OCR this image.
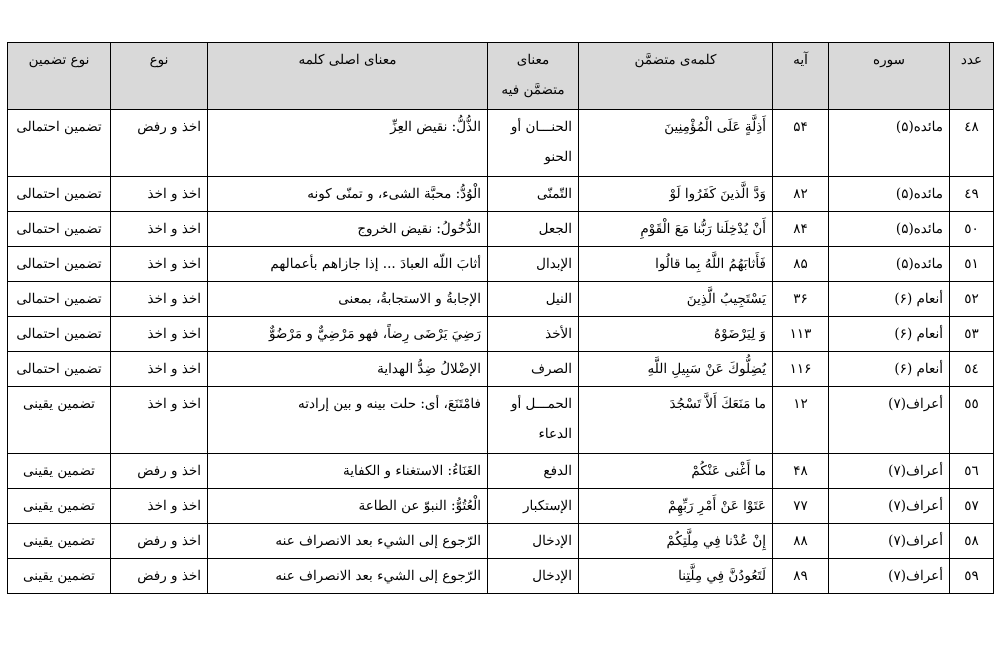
عدد	سوره	آیه	کلمه‌ی متضمَّن	معنای
متضمَّن فیه	معنای اصلی کلمه	نوع	نوع تضمین
٤٨	مائده(۵)	۵۴	أَذِلَّةٍ عَلَى الْمُؤْمِنِينَ	الحنـــان أو
الحنو	الذُّلُّ: نقيض العِزِّ	اخذ و رفض	تضمین احتمالی
٤٩	مائده(۵)	۸۲	وَدَّ الَّذينَ كَفَرُوا لَوْ	التّمنّى	الْوُدُّ: محبَّة الشیء، و تمنّى كونه	اخذ و اخذ	تضمین احتمالی
٥٠	مائده(۵)	۸۴	أَنْ يُدْخِلَنا رَبُّنا مَعَ الْقَوْمِ	الجعل	الدُّخُولُ: نقيض الخروج	اخذ و اخذ	تضمین احتمالی
٥١	مائده(۵)	۸۵	فَأَثابَهُمُ اللَّهُ بِما قالُوا	الإبدال	أثابَ اللّه العبادَ ... إذا جازاهم بأعمالهم	اخذ و اخذ	تضمین احتمالی
٥٢	أنعام (۶)	۳۶	يَسْتَجِيبُ الَّذِينَ	النيل	الإجابةُ و الاستجابةُ، بمعنى	اخذ و اخذ	تضمین احتمالی
٥٣	أنعام (۶)	۱۱۳	وَ لِيَرْضَوْهُ	الأخذ	رَضِيَ يَرْضَى رِضاً، فهو مَرْضِيٌّ و مَرْضُوٌّ	اخذ و اخذ	تضمین احتمالی
٥٤	أنعام (۶)	۱۱۶	يُضِلُّوكَ عَنْ سَبِيلِ اللَّهِ	الصرف	الإضْلالُ ضِدُّ الهداية	اخذ و اخذ	تضمین احتمالی
٥٥	أعراف(۷)	۱۲	ما مَنَعَكَ أَلاَّ تَسْجُدَ	الحمـــل أو
الدعاء	فامْتَنَعَ، أى: حلت بينه و بين إرادته	اخذ و اخذ	تضمین یقینی
٥٦	أعراف(۷)	۴۸	ما أَغْنى عَنْكُمْ	الدفع	الغَنَاءُ: الاستغناء و الكفاية	اخذ و رفض	تضمین یقینی
٥٧	أعراف(۷)	۷۷	عَتَوْا عَنْ أَمْرِ رَبِّهِمْ	الإستكبار	الْعُتُوُّ: النبوّ عن الطاعة	اخذ و اخذ	تضمین یقینی
٥٨	أعراف(۷)	۸۸	إِنْ عُدْنا فِي مِلَّتِكُمْ	الإدخال	الرّجوع إلى الشيء بعد الانصراف عنه	اخذ و رفض	تضمین یقینی
٥٩	أعراف(۷)	۸۹	لَتَعُودُنَّ فِي مِلَّتِنا	الإدخال	الرّجوع إلى الشيء بعد الانصراف عنه	اخذ و رفض	تضمین یقینی
